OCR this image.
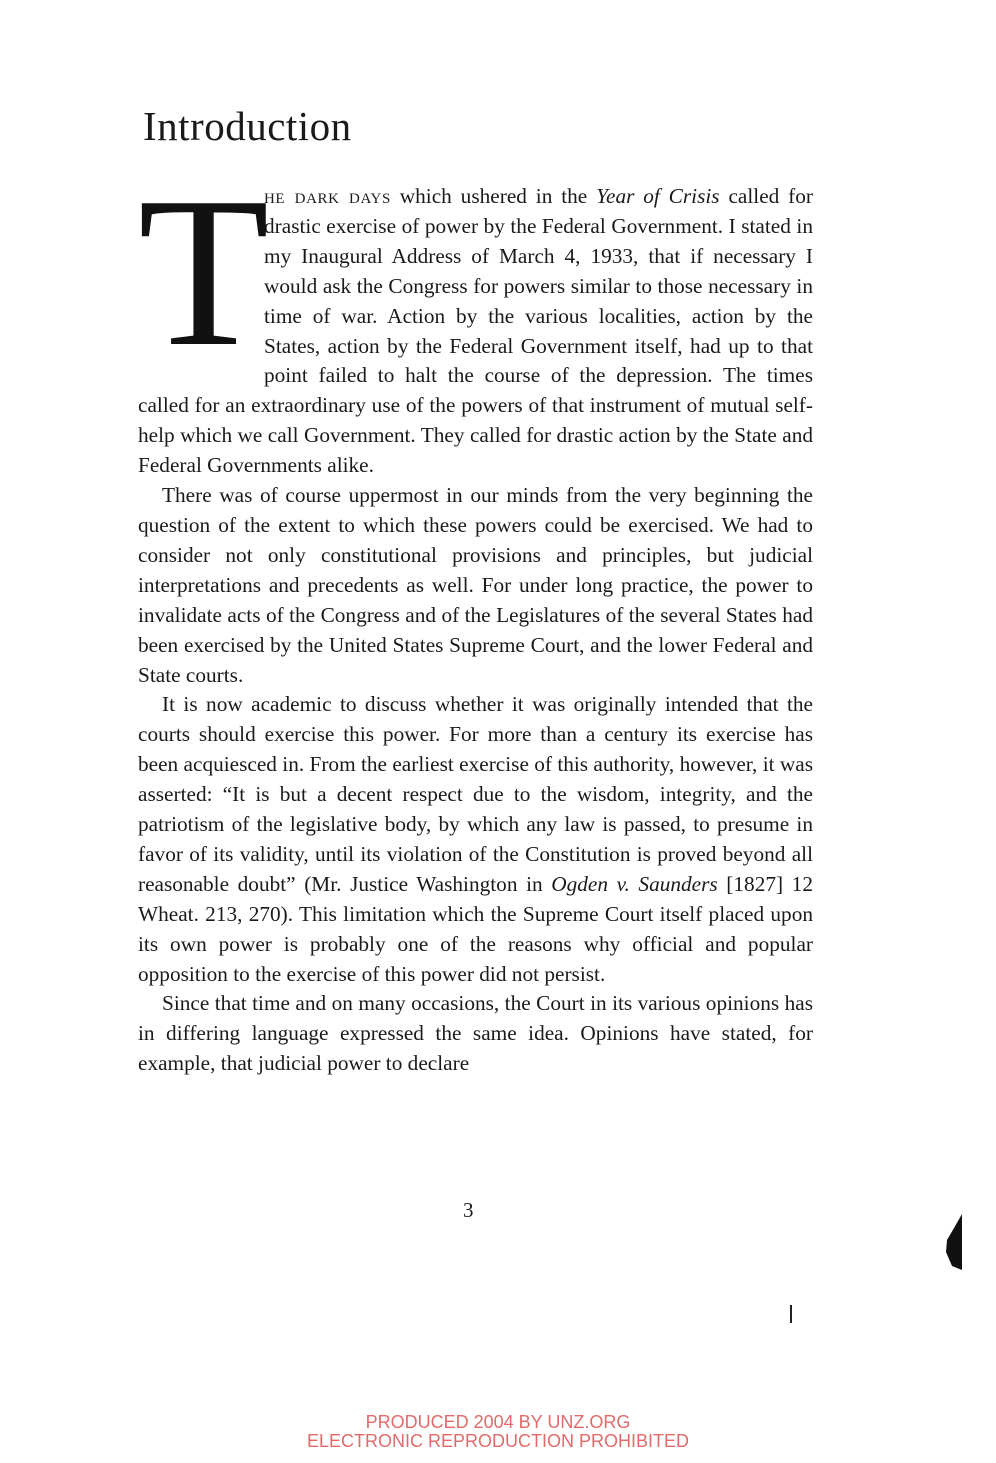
Introduction
T

he dark days which ushered in the Year of Crisis called for drastic exercise of power by the Federal Government. I stated in my Inaugural Address of March 4, 1933, that if necessary I would ask the Congress for powers similar to those necessary in time of war. Action by the various localities, action by the States, action by the Federal Government itself, had up to that point failed to halt the course of the depression. The times called for an extraordinary use of the powers of that instrument of mutual self-help which we call Government. They called for drastic action by the State and Federal Governments alike.

There was of course uppermost in our minds from the very beginning the question of the extent to which these powers could be exercised. We had to consider not only constitutional provisions and principles, but judicial interpretations and precedents as well. For under long practice, the power to invalidate acts of the Congress and of the Legislatures of the several States had been exercised by the United States Supreme Court, and the lower Federal and State courts.

It is now academic to discuss whether it was originally intended that the courts should exercise this power. For more than a century its exercise has been acquiesced in. From the earliest exercise of this authority, however, it was asserted: “It is but a decent respect due to the wisdom, integrity, and the patriotism of the legislative body, by which any law is passed, to presume in favor of its validity, until its violation of the Constitution is proved beyond all reasonable doubt” (Mr. Justice Washington in Ogden v. Saunders [1827] 12 Wheat. 213, 270). This limitation which the Supreme Court itself placed upon its own power is probably one of the reasons why official and popular opposition to the exercise of this power did not persist.

Since that time and on many occasions, the Court in its various opinions has in differing language expressed the same idea. Opinions have stated, for example, that judicial power to declare

3
PRODUCED 2004 BY UNZ.ORG
ELECTRONIC REPRODUCTION PROHIBITED
